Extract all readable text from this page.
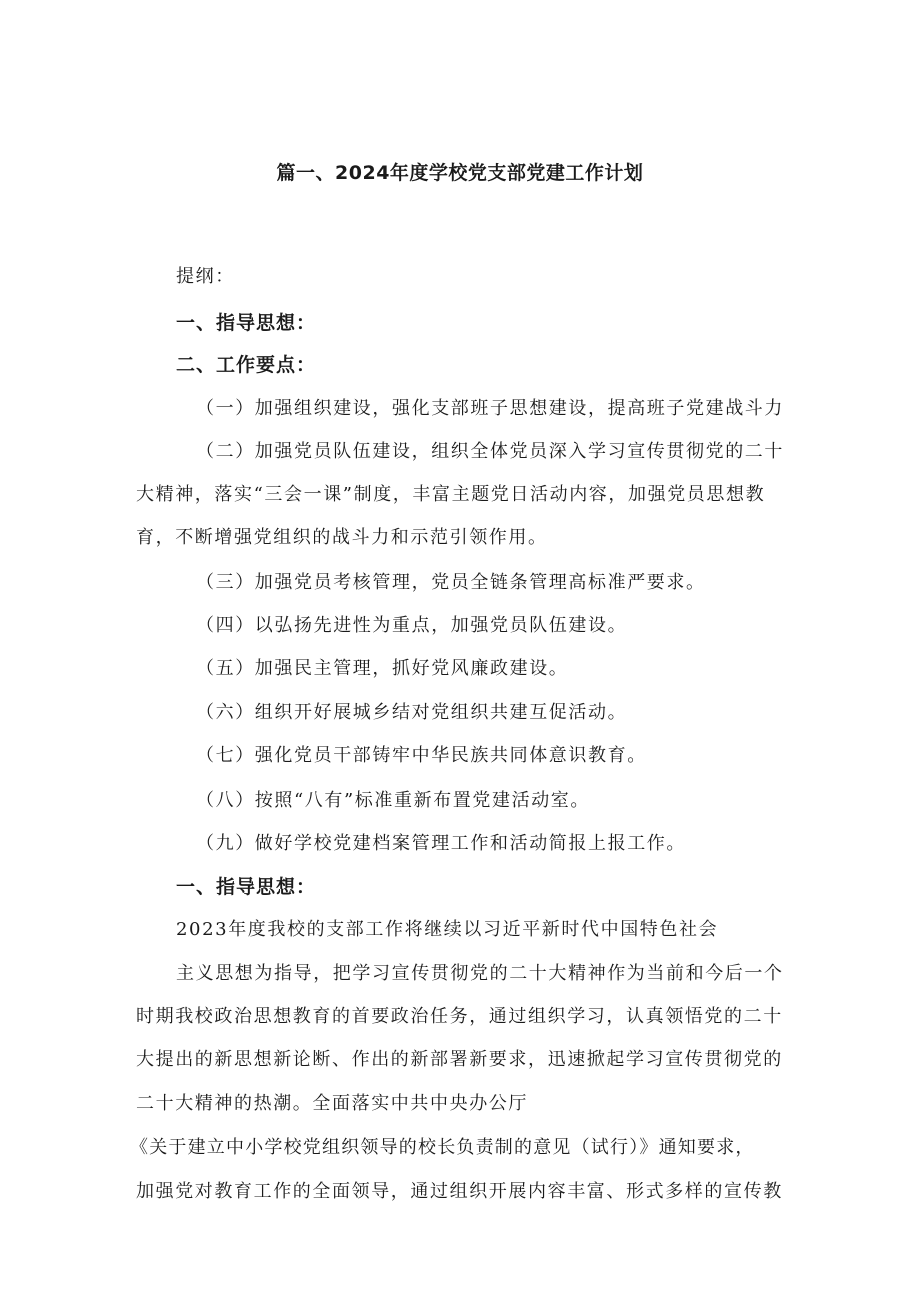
篇一、2024年度学校党支部党建工作计划
提纲：
一、指导思想：
二、工作要点：
（一）加强组织建设，强化支部班子思想建设，提高班子党建战斗力
（二）加强党员队伍建设，组织全体党员深入学习宣传贯彻党的二十
大精神，落实“三会一课”制度，丰富主题党日活动内容，加强党员思想教
育，不断增强党组织的战斗力和示范引领作用。
（三）加强党员考核管理，党员全链条管理高标准严要求。
（四）以弘扬先进性为重点，加强党员队伍建设。
（五）加强民主管理，抓好党风廉政建设。
（六）组织开好展城乡结对党组织共建互促活动。
（七）强化党员干部铸牢中华民族共同体意识教育。
（八）按照“八有”标准重新布置党建活动室。
（九）做好学校党建档案管理工作和活动简报上报工作。
一、指导思想：
2023年度我校的支部工作将继续以习近平新时代中国特色社会
主义思想为指导，把学习宣传贯彻党的二十大精神作为当前和今后一个
时期我校政治思想教育的首要政治任务，通过组织学习，认真领悟党的二十
大提出的新思想新论断、作出的新部署新要求，迅速掀起学习宣传贯彻党的
二十大精神的热潮。全面落实中共中央办公厅
《关于建立中小学校党组织领导的校长负责制的意见（试行）》通知要求，
加强党对教育工作的全面领导，通过组织开展内容丰富、形式多样的宣传教
